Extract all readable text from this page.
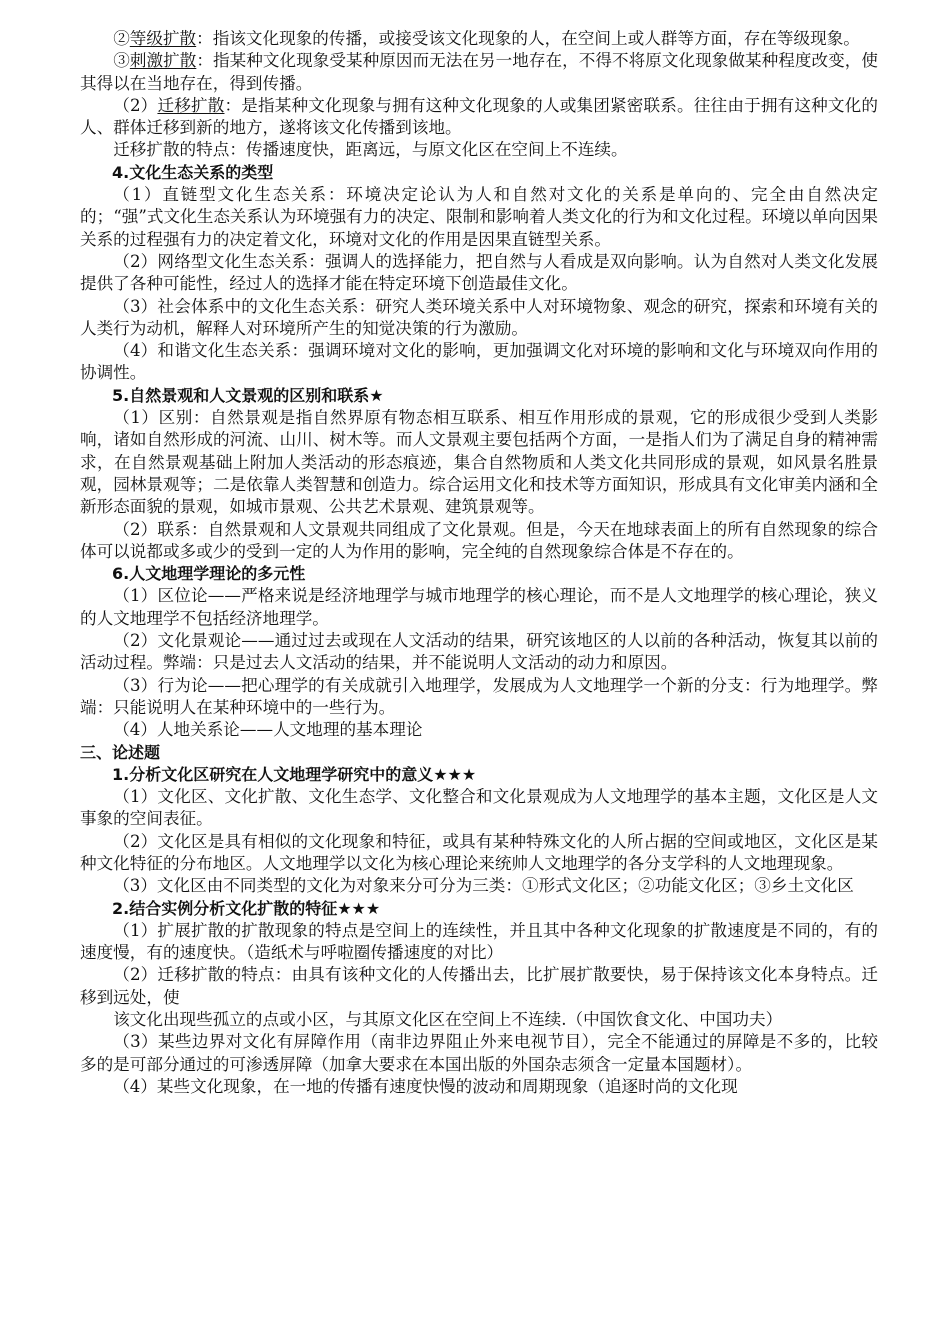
②等级扩散：指该文化现象的传播，或接受该文化现象的人，在空间上或人群等方面，存在等级现象。
③刺激扩散：指某种文化现象受某种原因而无法在另一地存在，不得不将原文化现象做某种程度改变，使其得以在当地存在，得到传播。
（2）迁移扩散：是指某种文化现象与拥有这种文化现象的人或集团紧密联系。往往由于拥有这种文化的人、群体迁移到新的地方，遂将该文化传播到该地。
迁移扩散的特点：传播速度快，距离远，与原文化区在空间上不连续。
4.文化生态关系的类型
（1）直链型文化生态关系：环境决定论认为人和自然对文化的关系是单向的、完全由自然决定的；“强”式文化生态关系认为环境强有力的决定、限制和影响着人类文化的行为和文化过程。环境以单向因果关系的过程强有力的决定着文化，环境对文化的作用是因果直链型关系。
（2）网络型文化生态关系：强调人的选择能力，把自然与人看成是双向影响。认为自然对人类文化发展提供了各种可能性，经过人的选择才能在特定环境下创造最佳文化。
（3）社会体系中的文化生态关系：研究人类环境关系中人对环境物象、观念的研究，探索和环境有关的人类行为动机，解释人对环境所产生的知觉决策的行为激励。
（4）和谐文化生态关系：强调环境对文化的影响，更加强调文化对环境的影响和文化与环境双向作用的协调性。
5.自然景观和人文景观的区别和联系★
（1）区别：自然景观是指自然界原有物态相互联系、相互作用形成的景观，它的形成很少受到人类影响，诸如自然形成的河流、山川、树木等。而人文景观主要包括两个方面，一是指人们为了满足自身的精神需求，在自然景观基础上附加人类活动的形态痕迹，集合自然物质和人类文化共同形成的景观，如风景名胜景观，园林景观等；二是依靠人类智慧和创造力。综合运用文化和技术等方面知识，形成具有文化审美内涵和全新形态面貌的景观，如城市景观、公共艺术景观、建筑景观等。
（2）联系：自然景观和人文景观共同组成了文化景观。但是，今天在地球表面上的所有自然现象的综合体可以说都或多或少的受到一定的人为作用的影响，完全纯的自然现象综合体是不存在的。
6.人文地理学理论的多元性
（1）区位论——严格来说是经济地理学与城市地理学的核心理论，而不是人文地理学的核心理论，狭义的人文地理学不包括经济地理学。
（2）文化景观论——通过过去或现在人文活动的结果，研究该地区的人以前的各种活动，恢复其以前的活动过程。弊端：只是过去人文活动的结果，并不能说明人文活动的动力和原因。
（3）行为论——把心理学的有关成就引入地理学，发展成为人文地理学一个新的分支：行为地理学。弊端：只能说明人在某种环境中的一些行为。
（4）人地关系论——人文地理的基本理论
三、论述题
1.分析文化区研究在人文地理学研究中的意义★★★
（1）文化区、文化扩散、文化生态学、文化整合和文化景观成为人文地理学的基本主题，文化区是人文事象的空间表征。
（2）文化区是具有相似的文化现象和特征，或具有某种特殊文化的人所占据的空间或地区，文化区是某种文化特征的分布地区。人文地理学以文化为核心理论来统帅人文地理学的各分支学科的人文地理现象。
（3）文化区由不同类型的文化为对象来分可分为三类：①形式文化区；②功能文化区；③乡土文化区
2.结合实例分析文化扩散的特征★★★
（1）扩展扩散的扩散现象的特点是空间上的连续性，并且其中各种文化现象的扩散速度是不同的，有的速度慢，有的速度快。（造纸术与呼啦圈传播速度的对比）
（2）迁移扩散的特点：由具有该种文化的人传播出去，比扩展扩散要快，易于保持该文化本身特点。迁移到远处，使
该文化出现些孤立的点或小区，与其原文化区在空间上不连续.（中国饮食文化、中国功夫）
（3）某些边界对文化有屏障作用（南非边界阻止外来电视节目），完全不能通过的屏障是不多的，比较多的是可部分通过的可渗透屏障（加拿大要求在本国出版的外国杂志须含一定量本国题材）。
（4）某些文化现象，在一地的传播有速度快慢的波动和周期现象（追逐时尚的文化现
